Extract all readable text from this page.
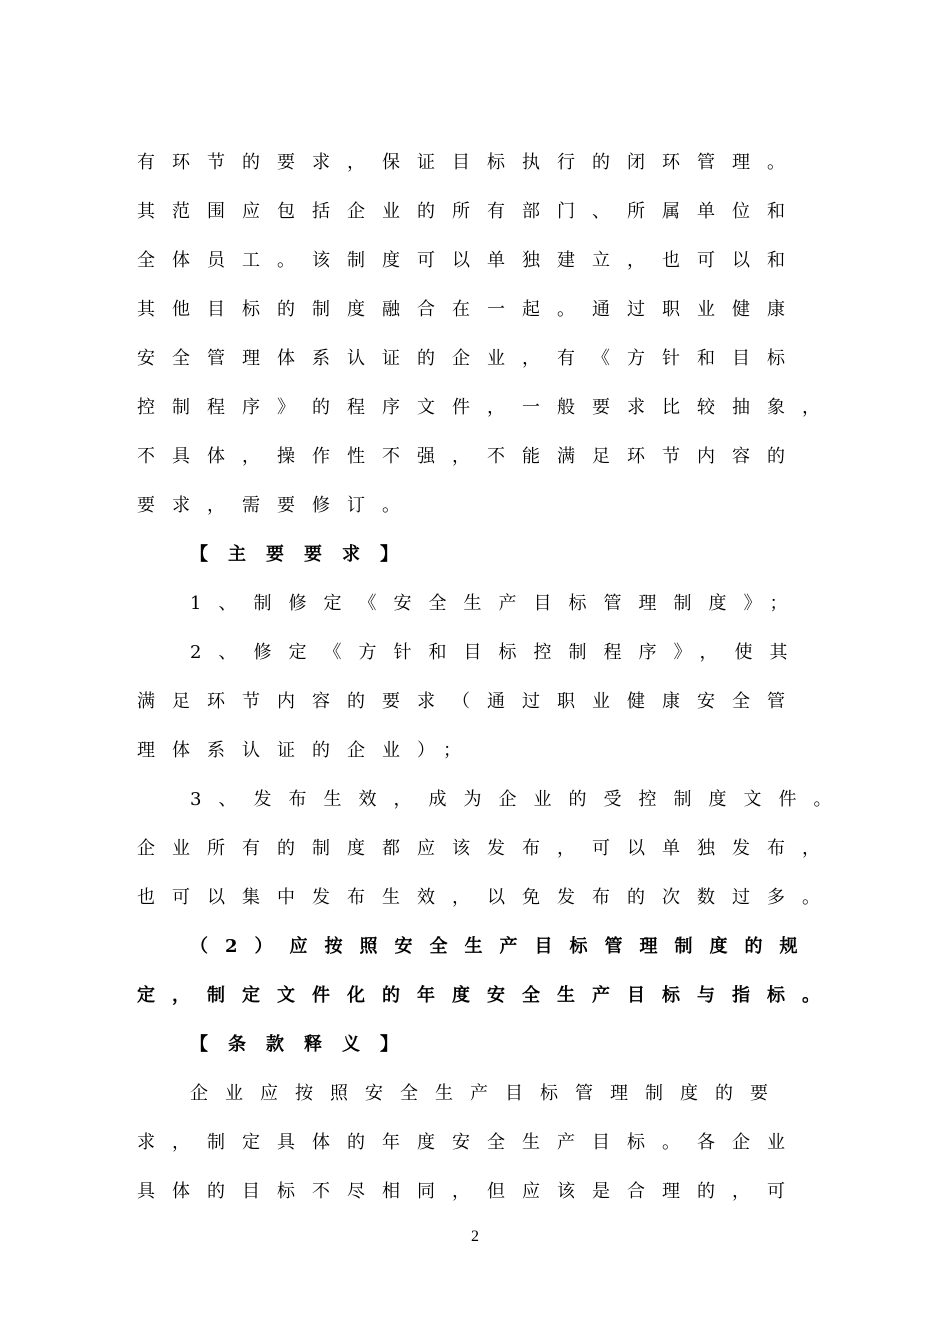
有环节的要求，保证目标执行的闭环管理。
其范围应包括企业的所有部门、所属单位和
全体员工。该制度可以单独建立，也可以和
其他目标的制度融合在一起。通过职业健康
安全管理体系认证的企业，有《方针和目标
控制程序》的程序文件，一般要求比较抽象，
不具体，操作性不强，不能满足环节内容的
要求，需要修订。
【主要要求】
1、制修定《安全生产目标管理制度》；
2、修定《方针和目标控制程序》，使其
满足环节内容的要求（通过职业健康安全管
理体系认证的企业）；
3、发布生效，成为企业的受控制度文件。
企业所有的制度都应该发布，可以单独发布，
也可以集中发布生效，以免发布的次数过多。
（2）应按照安全生产目标管理制度的规
定，制定文件化的年度安全生产目标与指标。
【条款释义】
企业应按照安全生产目标管理制度的要
求，制定具体的年度安全生产目标。各企业
具体的目标不尽相同，但应该是合理的，可
2
